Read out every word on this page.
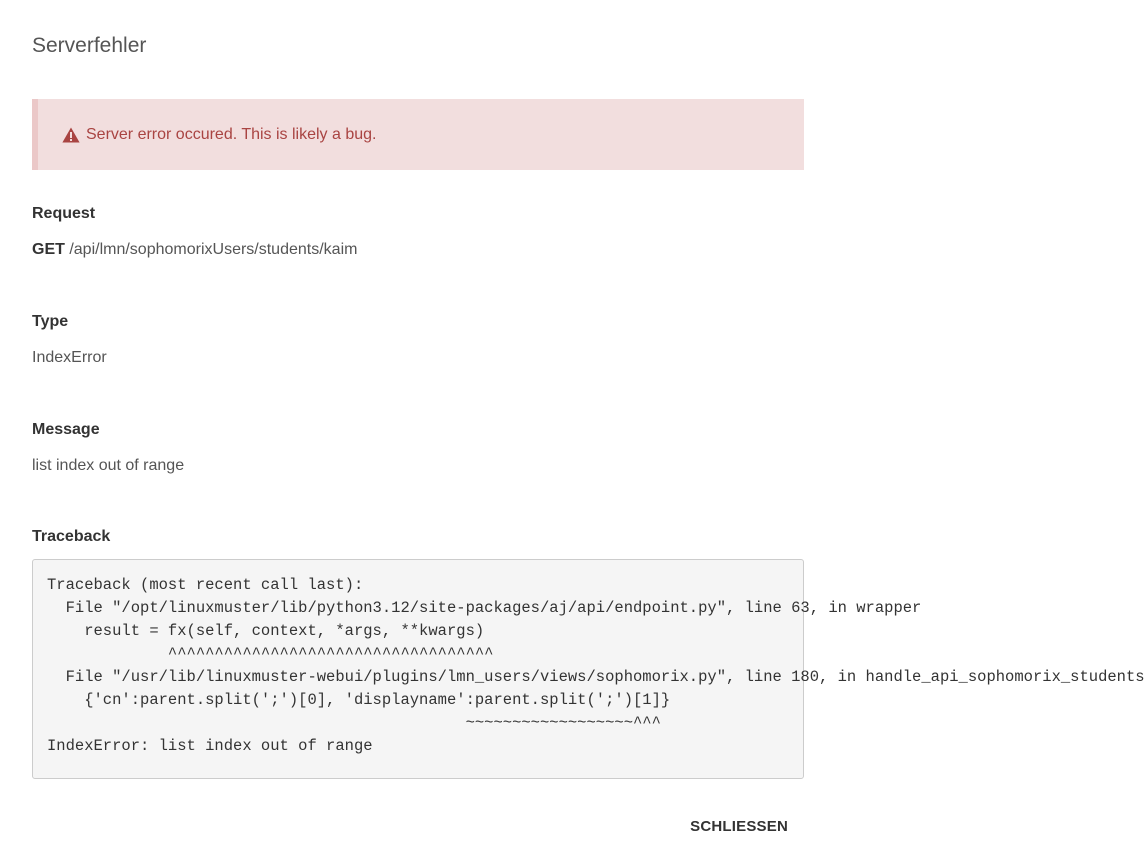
Serverfehler
Server error occured. This is likely a bug.
Request
GET /api/lmn/sophomorixUsers/students/kaim
Type
IndexError
Message
list index out of range
Traceback
Traceback (most recent call last):
File "/opt/linuxmuster/lib/python3.12/site-packages/aj/api/endpoint.py", line 63, in wrapper
result = fx(self, context, *args, **kwargs)
^^^^^^^^^^^^^^^^^^^^^^^^^^^^^^^^^^^
File "/usr/lib/linuxmuster-webui/plugins/lmn_users/views/sophomorix.py", line 180, in handle_api_sophomorix_students
{'cn':parent.split(';')[0], 'displayname':parent.split(';')[1]}
~~~~~~~~~~~~~~~~~~^^^
IndexError: list index out of range
SCHLIESSEN
